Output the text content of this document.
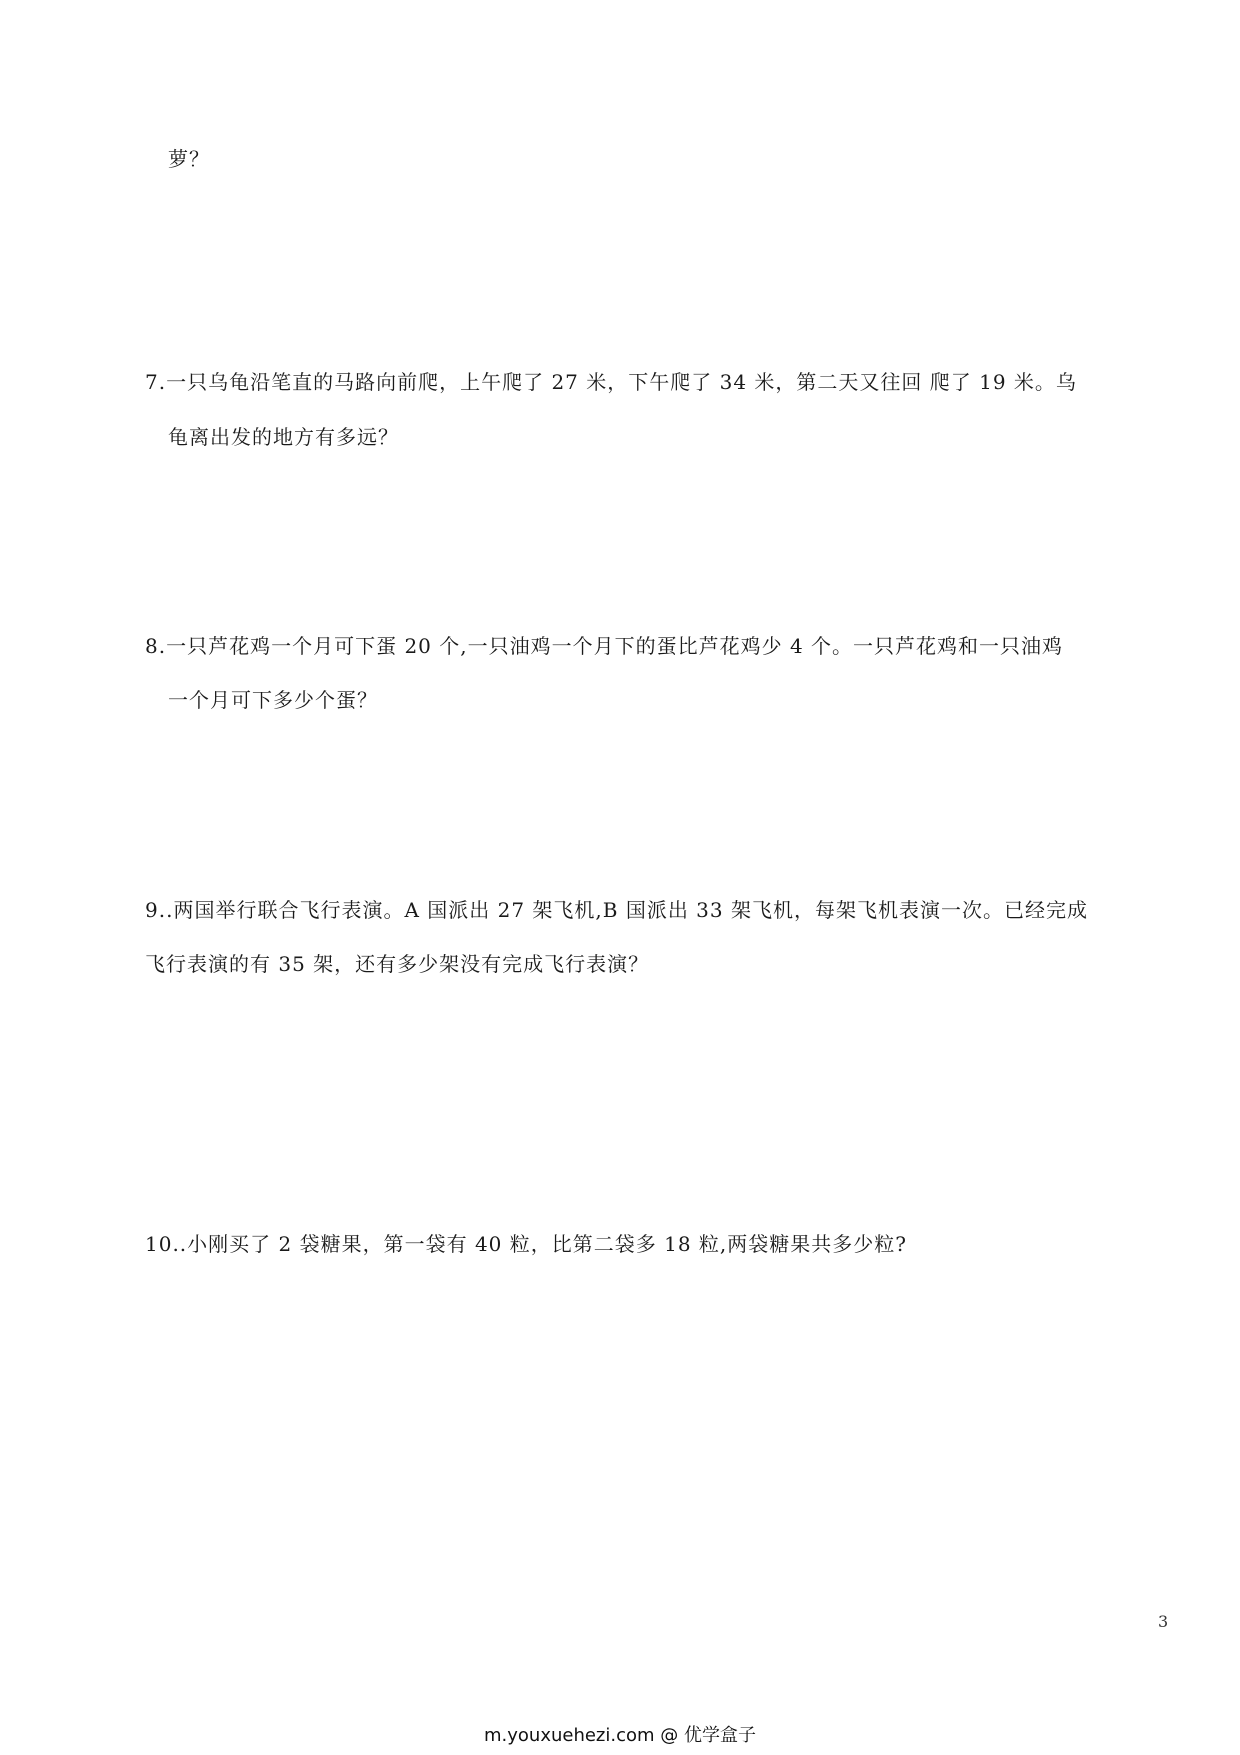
萝？
7.一只乌龟沿笔直的马路向前爬，上午爬了 27 米，下午爬了 34 米，第二天又往回 爬了 19 米。乌
龟离出发的地方有多远？
8.一只芦花鸡一个月可下蛋 20 个,一只油鸡一个月下的蛋比芦花鸡少 4 个。一只芦花鸡和一只油鸡
一个月可下多少个蛋？
9..两国举行联合飞行表演。A 国派出 27 架飞机,B 国派出 33 架飞机，每架飞机表演一次。已经完成
飞行表演的有 35 架，还有多少架没有完成飞行表演？
10..小刚买了 2 袋糖果，第一袋有 40 粒，比第二袋多 18 粒,两袋糖果共多少粒?
3
m.youxuehezi.com @ 优学盒子
